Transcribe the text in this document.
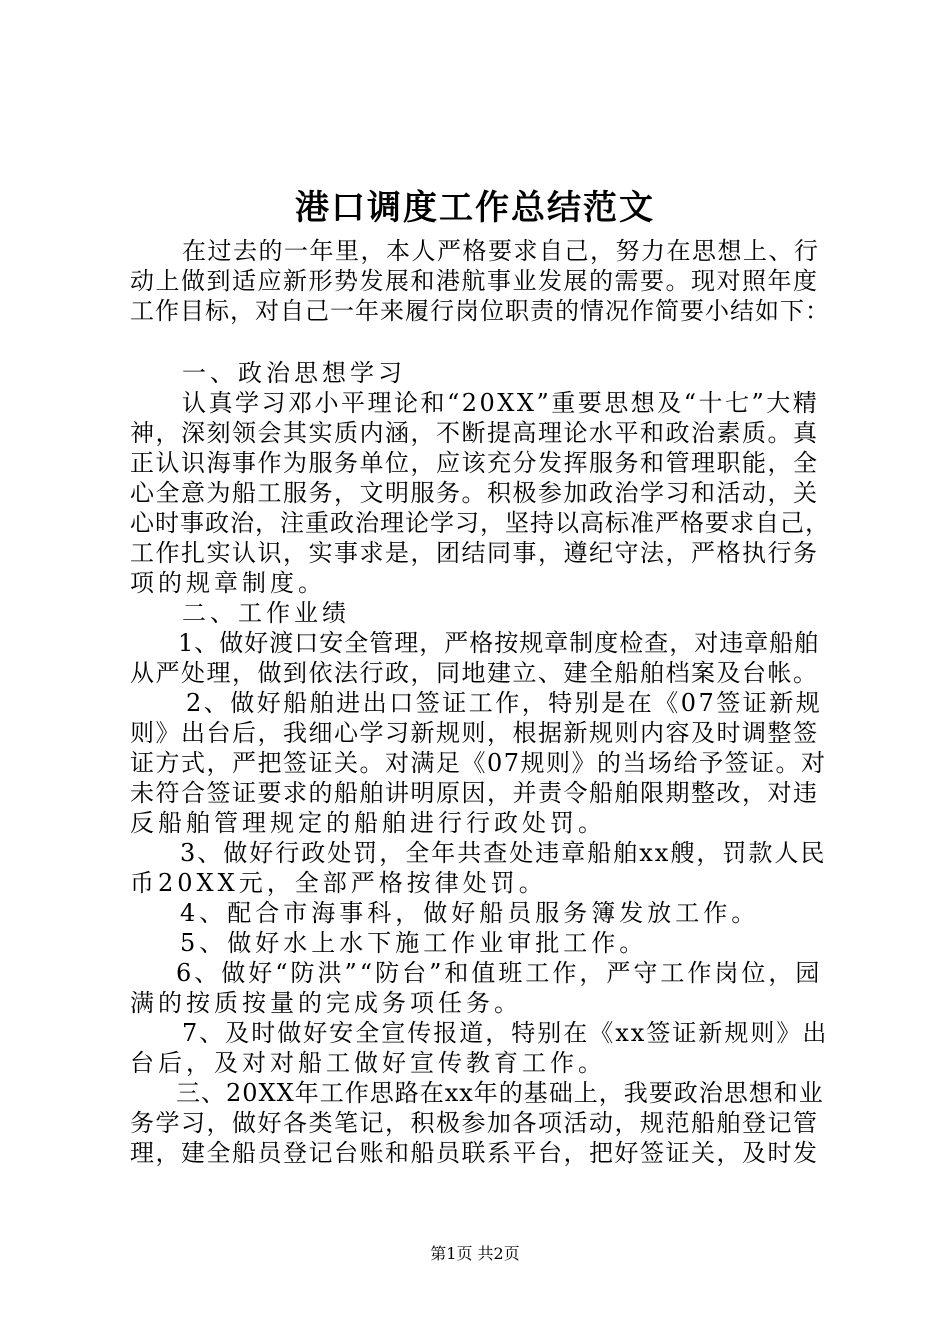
港口调度工作总结范文
在过去的一年里，本人严格要求自己，努力在思想上、行
动上做到适应新形势发展和港航事业发展的需要。现对照年度
工作目标，对自己一年来履行岗位职责的情况作简要小结如下：
一、政治思想学习
认真学习邓小平理论和“20XX”重要思想及“十七”大精
神，深刻领会其实质内涵，不断提高理论水平和政治素质。真
正认识海事作为服务单位，应该充分发挥服务和管理职能，全
心全意为船工服务，文明服务。积极参加政治学习和活动，关
心时事政治，注重政治理论学习，坚持以高标准严格要求自己，
工作扎实认识，实事求是，团结同事，遵纪守法，严格执行务
项的规章制度。
二、工作业绩
1、做好渡口安全管理，严格按规章制度检查，对违章船舶
从严处理，做到依法行政，同地建立、建全船舶档案及台帐。
2、做好船舶进出口签证工作，特别是在《07签证新规
则》出台后，我细心学习新规则，根据新规则内容及时调整签
证方式，严把签证关。对满足《07规则》的当场给予签证。对
未符合签证要求的船舶讲明原因，并责令船舶限期整改，对违
反船舶管理规定的船舶进行行政处罚。
3、做好行政处罚，全年共查处违章船舶xx艘，罚款人民
币20XX元，全部严格按律处罚。
4、配合市海事科，做好船员服务簿发放工作。
5、做好水上水下施工作业审批工作。
6、做好“防洪”“防台”和值班工作，严守工作岗位，园
满的按质按量的完成务项任务。
7、及时做好安全宣传报道，特别在《xx签证新规则》出
台后，及对对船工做好宣传教育工作。
三、20XX年工作思路在xx年的基础上，我要政治思想和业
务学习，做好各类笔记，积极参加各项活动，规范船舶登记管
理，建全船员登记台账和船员联系平台，把好签证关，及时发
第1页 共2页
